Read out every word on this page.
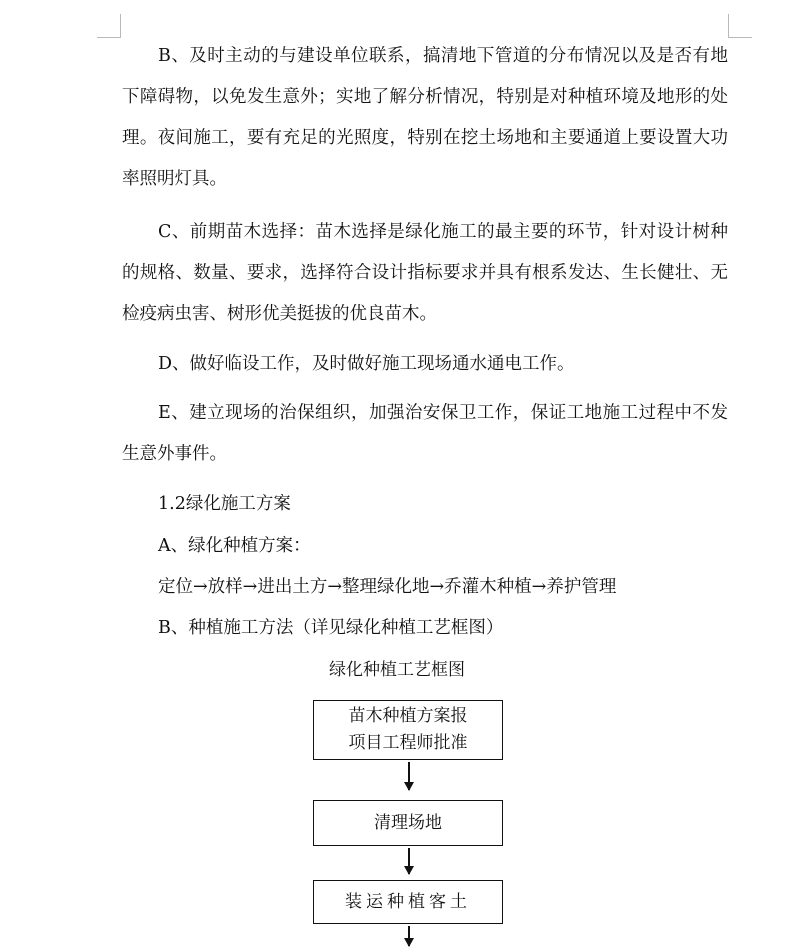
B、及时主动的与建设单位联系，搞清地下管道的分布情况以及是否有地下障碍物，以免发生意外；实地了解分析情况，特别是对种植环境及地形的处理。夜间施工，要有充足的光照度，特别在挖土场地和主要通道上要设置大功率照明灯具。

C、前期苗木选择：苗木选择是绿化施工的最主要的环节，针对设计树种的规格、数量、要求，选择符合设计指标要求并具有根系发达、生长健壮、无检疫病虫害、树形优美挺拔的优良苗木。

D、做好临设工作，及时做好施工现场通水通电工作。

E、建立现场的治保组织，加强治安保卫工作，保证工地施工过程中不发生意外事件。

1.2绿化施工方案
A、绿化种植方案：
定位→放样→进出土方→整理绿化地→乔灌木种植→养护管理
B、种植施工方法（详见绿化种植工艺框图）
绿化种植工艺框图
苗木种植方案报
项目工程师批准
清理场地
装运种植客土
